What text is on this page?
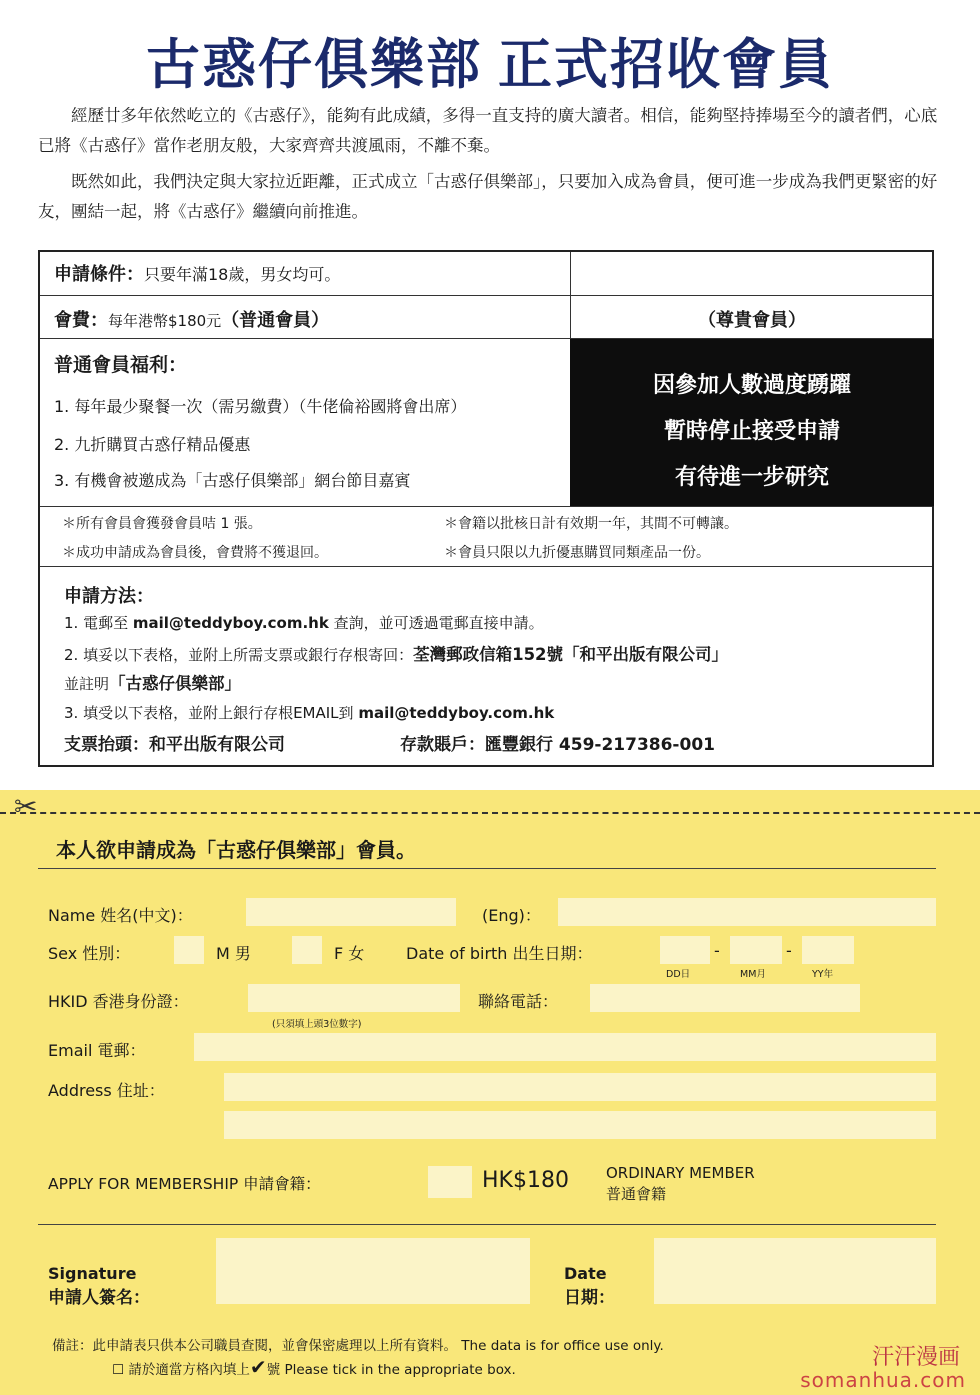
古惑仔俱樂部 正式招收會員

經歷廿多年依然屹立的《古惑仔》，能夠有此成績，多得一直支持的廣大讀者。相信，能夠堅持捧場至今的讀者們，心底已將《古惑仔》當作老朋友般，大家齊齊共渡風雨，不離不棄。

既然如此，我們決定與大家拉近距離，正式成立「古惑仔俱樂部」，只要加入成為會員，便可進一步成為我們更緊密的好友，團結一起，將《古惑仔》繼續向前推進。

申請條件：只要年滿18歲，男女均可。
會費：每年港幣$180元（普通會員）	（尊貴會員）
普通會員福利：
1. 每年最少聚餐一次（需另繳費）（牛佬倫裕國將會出席）
2. 九折購買古惑仔精品優惠
3. 有機會被邀成為「古惑仔俱樂部」網台節目嘉賓
因參加人數過度踴躍
暫時停止接受申請
有待進一步研究
＊所有會員會獲發會員咭 1 張。	＊會籍以批核日計有效期一年，其間不可轉讓。
＊成功申請成為會員後，會費將不獲退回。	＊會員只限以九折優惠購買同類產品一份。
申請方法：
1. 電郵至 mail@teddyboy.com.hk 查詢，並可透過電郵直接申請。
2. 填妥以下表格，並附上所需支票或銀行存根寄回：荃灣郵政信箱152號「和平出版有限公司」
並註明「古惑仔俱樂部」
3. 填受以下表格，並附上銀行存根EMAIL到 mail@teddyboy.com.hk
支票抬頭：和平出版有限公司	存款賬戶：匯豐銀行 459-217386-001
✂
本人欲申請成為「古惑仔俱樂部」會員。
Name 姓名(中文)：	(Eng)：
Sex 性別：	M 男	F 女	Date of birth 出生日期：	-	-
DD日	MM月	YY年
HKID 香港身份證：
(只須填上頭3位數字)
聯絡電話：
Email 電郵：
Address 住址：
APPLY FOR MEMBERSHIP 申請會籍：	HK$180 ORDINARY MEMBER
普通會籍
Signature
申請人簽名：
Date
日期：
備註：此申請表只供本公司職員查閱，並會保密處理以上所有資料。 The data is for office use only.
☐ 請於適當方格內填上✔號 Please tick in the appropriate box.	汗汗漫画
somanhua.com
